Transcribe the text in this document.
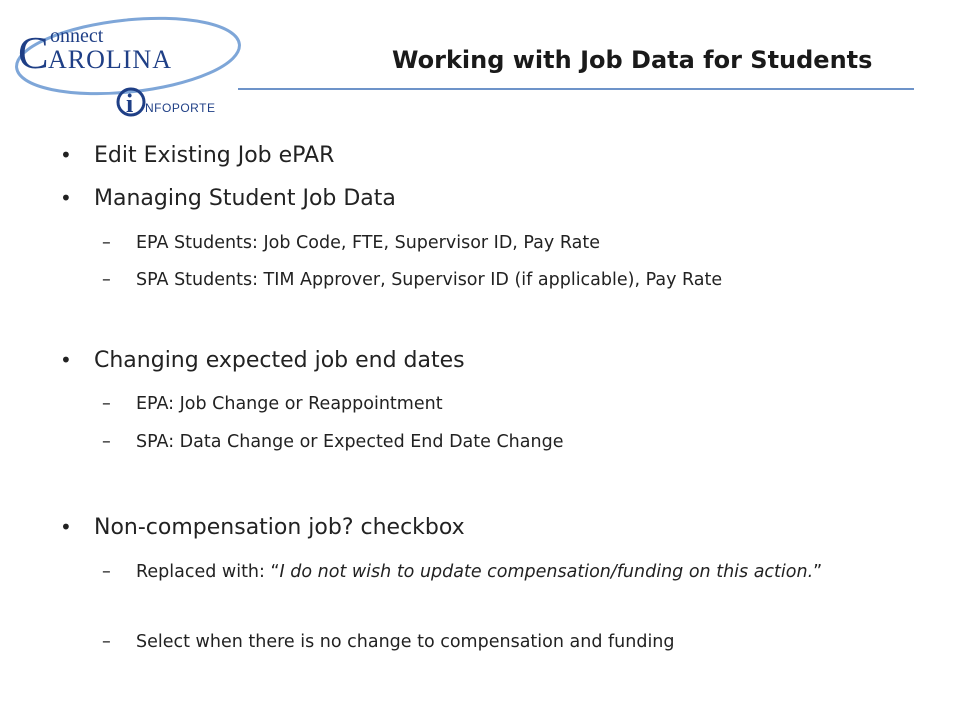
C onnect
AROLINA
i NFOPORTE
Working with Job Data for Students
• Edit Existing Job ePAR
• Managing Student Job Data
– EPA Students: Job Code, FTE, Supervisor ID, Pay Rate
– SPA Students: TIM Approver, Supervisor ID (if applicable), Pay Rate
• Changing expected job end dates
– EPA: Job Change or Reappointment
– SPA: Data Change or Expected End Date Change
• Non-compensation job? checkbox
– Replaced with: “I do not wish to update compensation/funding on this action.”
– Select when there is no change to compensation and funding
